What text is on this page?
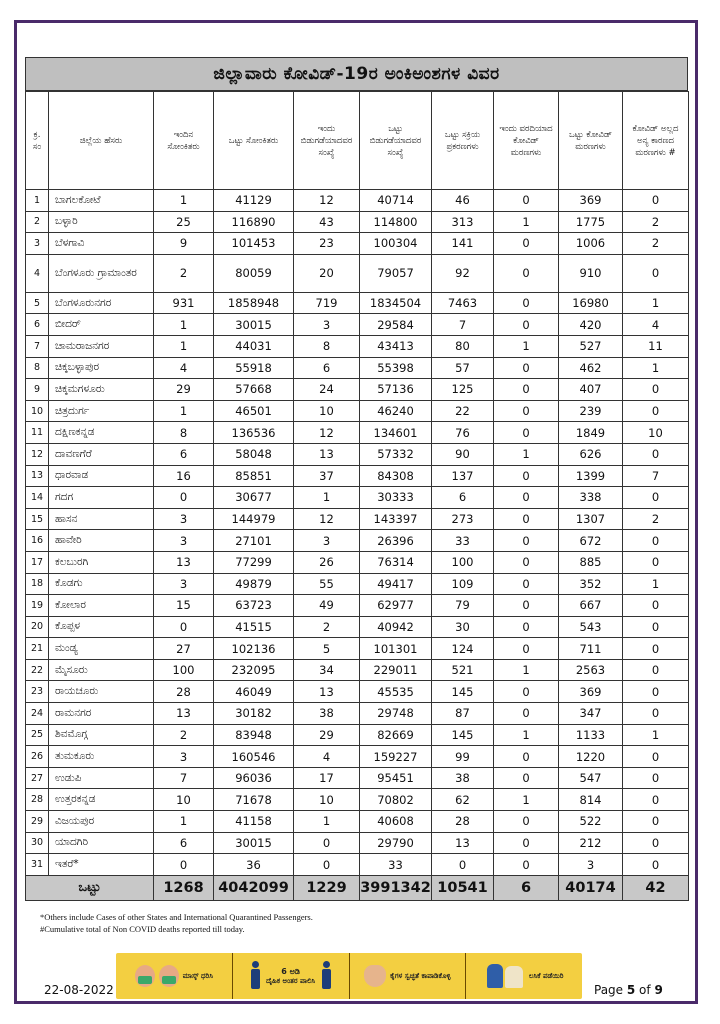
ಜಿಲ್ಲಾವಾರು ಕೋವಿಡ್-19ರ ಅಂಕಿಅಂಶಗಳ ವಿವರ
ಕ್ರ. ಸಂ	ಜಿಲ್ಲೆಯ ಹೆಸರು	ಇಂದಿನ ಸೋಂಕಿತರು	ಒಟ್ಟು ಸೋಂಕಿತರು	ಇಂದು ಬಿಡುಗಡೆಯಾದವರ ಸಂಖ್ಯೆ	ಒಟ್ಟು ಬಿಡುಗಡೆಯಾದವರ ಸಂಖ್ಯೆ	ಒಟ್ಟು ಸಕ್ರಿಯ ಪ್ರಕರಣಗಳು	ಇಂದು ವರದಿಯಾದ ಕೋವಿಡ್ ಮರಣಗಳು	ಒಟ್ಟು ಕೋವಿಡ್ ಮರಣಗಳು	ಕೋವಿಡ್ ಅಲ್ಲದ ಅನ್ಯ ಕಾರಣದ ಮರಣಗಳು #
1	ಬಾಗಲಕೋಟೆ	1	41129	12	40714	46	0	369	0
2	ಬಳ್ಳಾರಿ	25	116890	43	114800	313	1	1775	2
3	ಬೆಳಗಾವಿ	9	101453	23	100304	141	0	1006	2
4	ಬೆಂಗಳೂರು ಗ್ರಾಮಾಂತರ	2	80059	20	79057	92	0	910	0
5	ಬೆಂಗಳೂರುನಗರ	931	1858948	719	1834504	7463	0	16980	1
6	ಬೀದರ್	1	30015	3	29584	7	0	420	4
7	ಚಾಮರಾಜನಗರ	1	44031	8	43413	80	1	527	11
8	ಚಿಕ್ಕಬಳ್ಳಾಪುರ	4	55918	6	55398	57	0	462	1
9	ಚಿಕ್ಕಮಗಳೂರು	29	57668	24	57136	125	0	407	0
10	ಚಿತ್ರದುರ್ಗ	1	46501	10	46240	22	0	239	0
11	ದಕ್ಷಿಣಕನ್ನಡ	8	136536	12	134601	76	0	1849	10
12	ದಾವಣಗೆರೆ	6	58048	13	57332	90	1	626	0
13	ಧಾರವಾಡ	16	85851	37	84308	137	0	1399	7
14	ಗದಗ	0	30677	1	30333	6	0	338	0
15	ಹಾಸನ	3	144979	12	143397	273	0	1307	2
16	ಹಾವೇರಿ	3	27101	3	26396	33	0	672	0
17	ಕಲಬುರಗಿ	13	77299	26	76314	100	0	885	0
18	ಕೊಡಗು	3	49879	55	49417	109	0	352	1
19	ಕೋಲಾರ	15	63723	49	62977	79	0	667	0
20	ಕೊಪ್ಪಳ	0	41515	2	40942	30	0	543	0
21	ಮಂಡ್ಯ	27	102136	5	101301	124	0	711	0
22	ಮೈಸೂರು	100	232095	34	229011	521	1	2563	0
23	ರಾಯಚೂರು	28	46049	13	45535	145	0	369	0
24	ರಾಮನಗರ	13	30182	38	29748	87	0	347	0
25	ಶಿವಮೊಗ್ಗ	2	83948	29	82669	145	1	1133	1
26	ತುಮಕೂರು	3	160546	4	159227	99	0	1220	0
27	ಉಡುಪಿ	7	96036	17	95451	38	0	547	0
28	ಉತ್ತರಕನ್ನಡ	10	71678	10	70802	62	1	814	0
29	ವಿಜಯಪುರ	1	41158	1	40608	28	0	522	0
30	ಯಾದಗಿರಿ	6	30015	0	29790	13	0	212	0
31	ಇತರೆ*	0	36	0	33	0	0	3	0
ಒಟ್ಟು		1268	4042099	1229	3991342	10541	6	40174	42
*Others include Cases of other States and International Quarantined Passengers.
#Cumulative total of Non COVID deaths reported till today.
ಮಾಸ್ಕ್ ಧರಿಸಿ	6 ಅಡಿ
ದೈಹಿಕ ಅಂತರ ಪಾಲಿಸಿ
ಕೈಗಳ ಸ್ವಚ್ಛತೆ ಕಾಪಾಡಿಕೊಳ್ಳಿ	ಲಸಿಕೆ ಪಡೆಯಿರಿ
22-08-2022	Page 5 of 9
